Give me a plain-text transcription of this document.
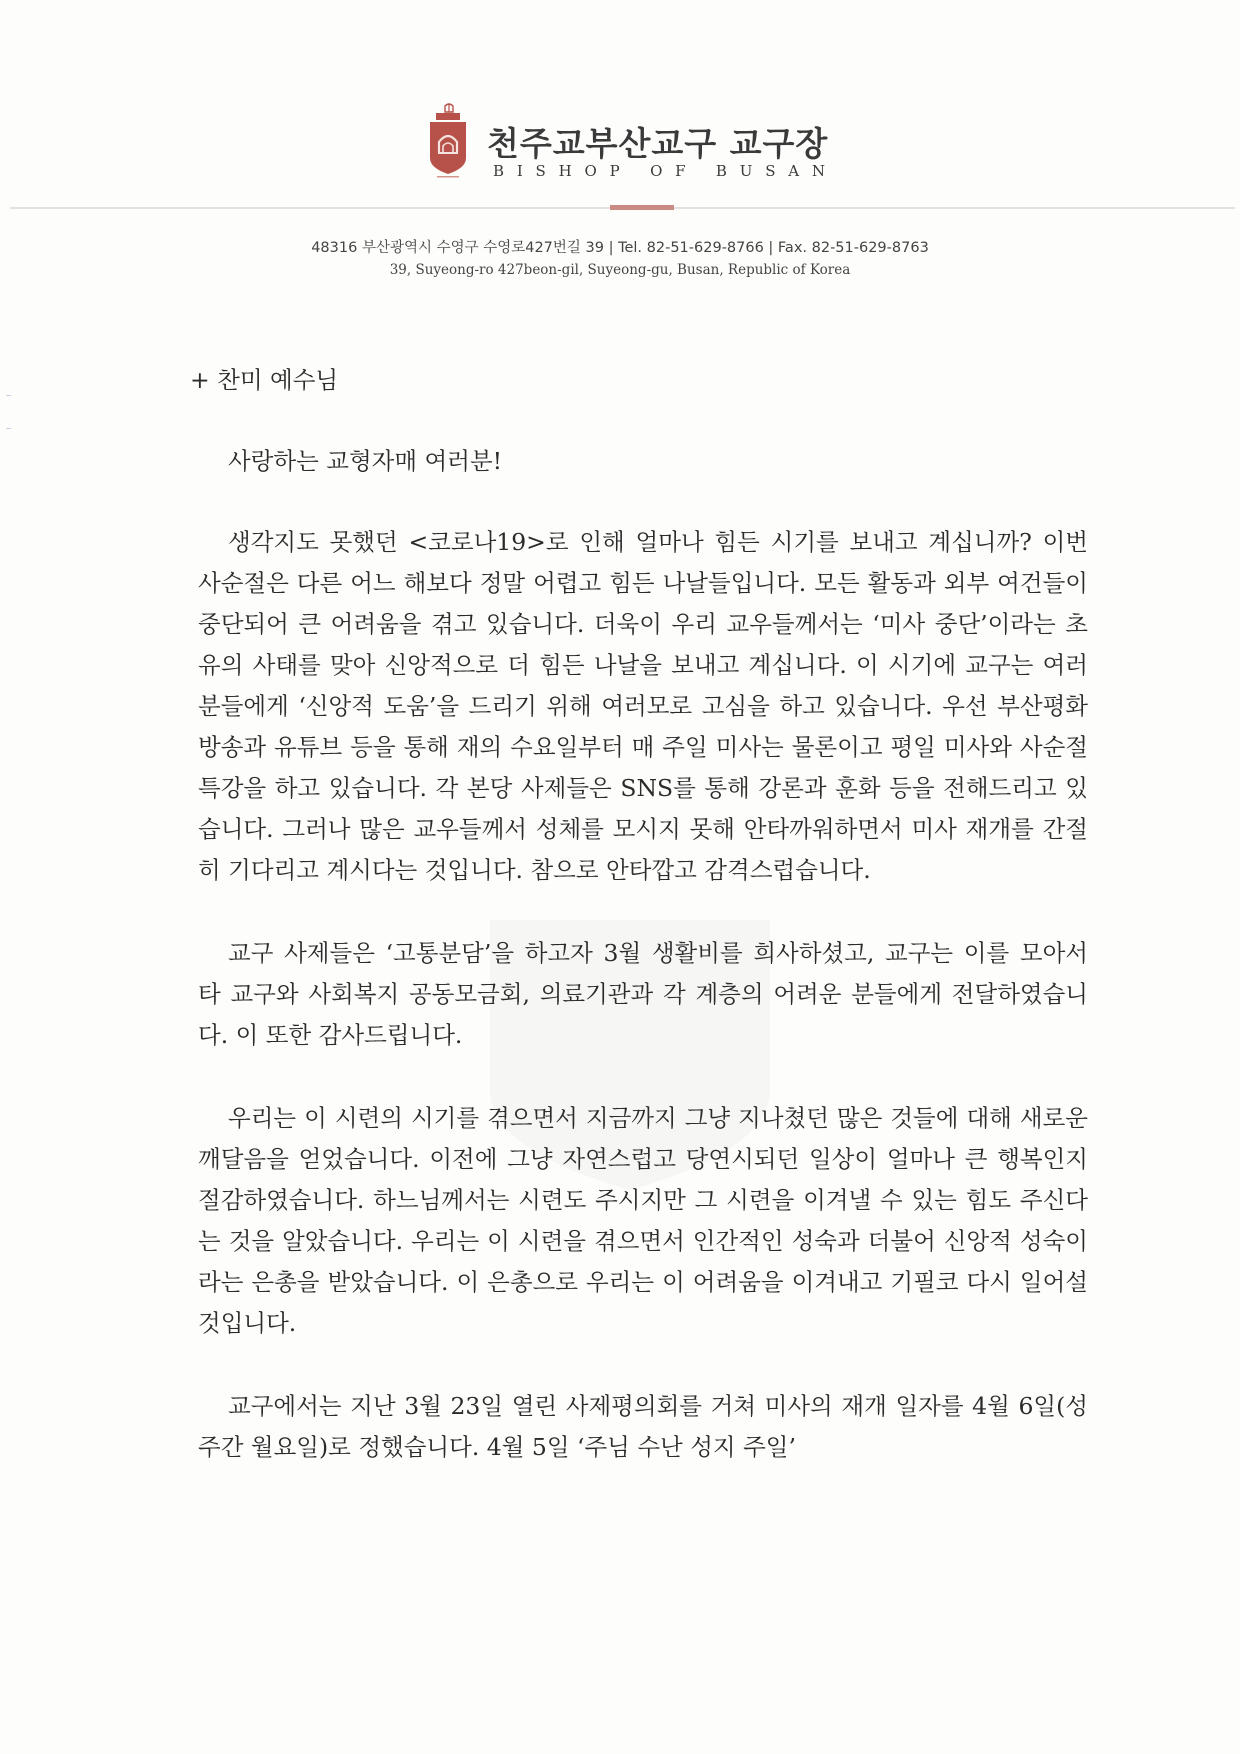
천주교부산교구 교구장
BISHOP OF BUSAN
48316 부산광역시 수영구 수영로427번길 39 | Tel. 82-51-629-8766 | Fax. 82-51-629-8763
39, Suyeong-ro 427beon-gil, Suyeong-gu, Busan, Republic of Korea
+ 찬미 예수님
사랑하는 교형자매 여러분!

생각지도 못했던 <코로나19>로 인해 얼마나 힘든 시기를 보내고 계십니까? 이번 사순절은 다른 어느 해보다 정말 어렵고 힘든 나날들입니다. 모든 활동과 외부 여건들이 중단되어 큰 어려움을 겪고 있습니다. 더욱이 우리 교우들께서는 ‘미사 중단’이라는 초유의 사태를 맞아 신앙적으로 더 힘든 나날을 보내고 계십니다. 이 시기에 교구는 여러분들에게 ‘신앙적 도움’을 드리기 위해 여러모로 고심을 하고 있습니다. 우선 부산평화방송과 유튜브 등을 통해 재의 수요일부터 매 주일 미사는 물론이고 평일 미사와 사순절 특강을 하고 있습니다. 각 본당 사제들은 SNS를 통해 강론과 훈화 등을 전해드리고 있습니다. 그러나 많은 교우들께서 성체를 모시지 못해 안타까워하면서 미사 재개를 간절히 기다리고 계시다는 것입니다. 참으로 안타깝고 감격스럽습니다.

교구 사제들은 ‘고통분담’을 하고자 3월 생활비를 희사하셨고, 교구는 이를 모아서 타 교구와 사회복지 공동모금회, 의료기관과 각 계층의 어려운 분들에게 전달하였습니다. 이 또한 감사드립니다.

우리는 이 시련의 시기를 겪으면서 지금까지 그냥 지나쳤던 많은 것들에 대해 새로운 깨달음을 얻었습니다. 이전에 그냥 자연스럽고 당연시되던 일상이 얼마나 큰 행복인지 절감하였습니다. 하느님께서는 시련도 주시지만 그 시련을 이겨낼 수 있는 힘도 주신다는 것을 알았습니다. 우리는 이 시련을 겪으면서 인간적인 성숙과 더불어 신앙적 성숙이라는 은총을 받았습니다. 이 은총으로 우리는 이 어려움을 이겨내고 기필코 다시 일어설 것입니다.

교구에서는 지난 3월 23일 열린 사제평의회를 거쳐 미사의 재개 일자를 4월 6일(성주간 월요일)로 정했습니다. 4월 5일 ‘주님 수난 성지 주일’
